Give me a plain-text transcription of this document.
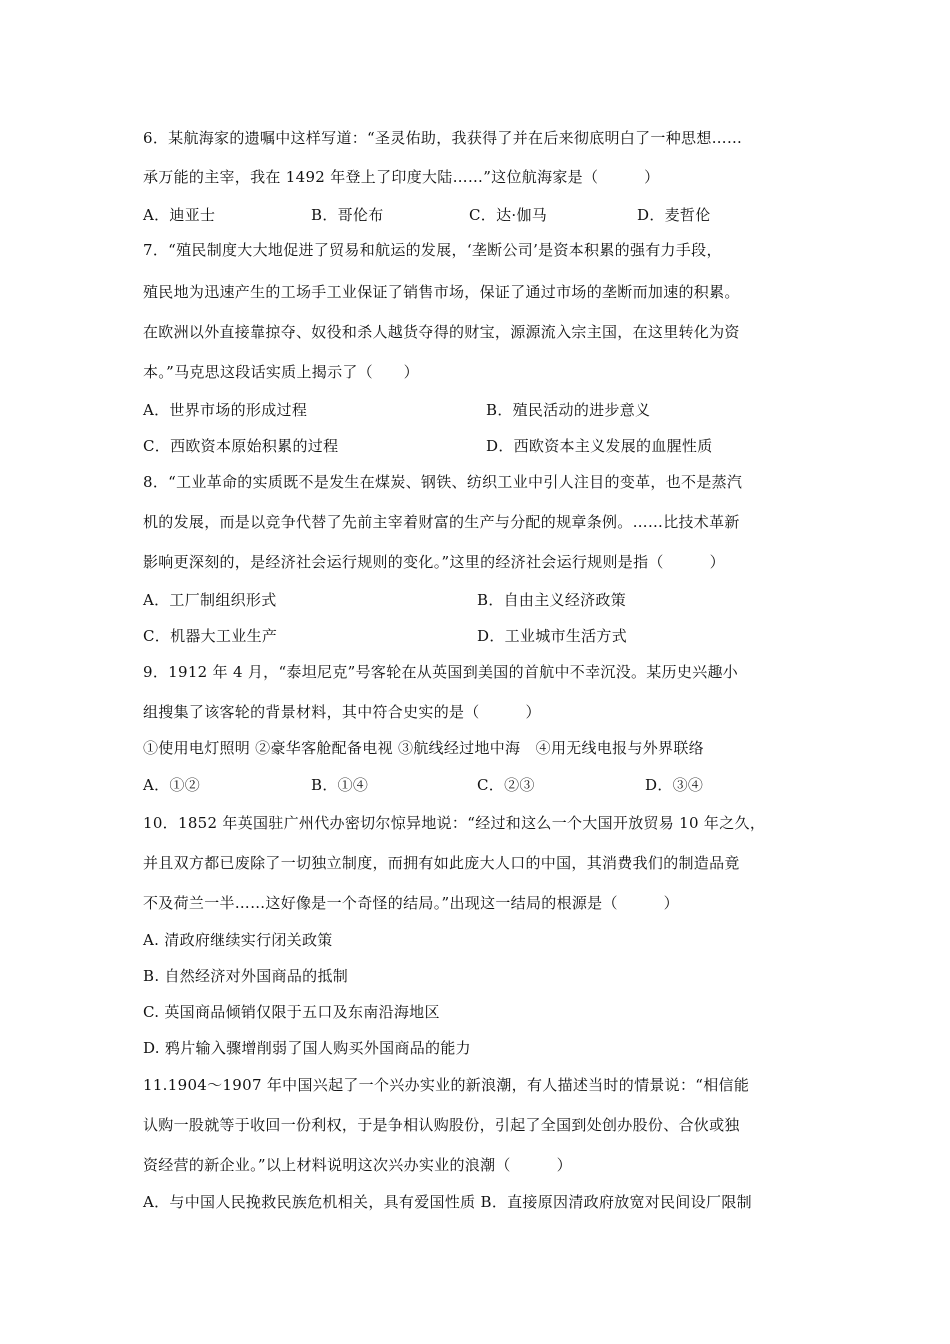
6．某航海家的遗嘱中这样写道：“圣灵佑助，我获得了并在后来彻底明白了一种思想……
承万能的主宰，我在 1492 年登上了印度大陆……”这位航海家是（　　　）
A．迪亚士	B．哥伦布	C．达·伽马	D．麦哲伦
7．“殖民制度大大地促进了贸易和航运的发展，‘垄断公司’是资本积累的强有力手段，
殖民地为迅速产生的工场手工业保证了销售市场，保证了通过市场的垄断而加速的积累。
在欧洲以外直接靠掠夺、奴役和杀人越货夺得的财宝，源源流入宗主国，在这里转化为资
本。”马克思这段话实质上揭示了（　　）
A．世界市场的形成过程	B．殖民活动的进步意义
C．西欧资本原始积累的过程	D．西欧资本主义发展的血腥性质
8．“工业革命的实质既不是发生在煤炭、钢铁、纺织工业中引人注目的变革，也不是蒸汽
机的发展，而是以竞争代替了先前主宰着财富的生产与分配的规章条例。……比技术革新
影响更深刻的，是经济社会运行规则的变化。”这里的经济社会运行规则是指（　　　）
A．工厂制组织形式	B．自由主义经济政策
C．机器大工业生产	D．工业城市生活方式
9．1912 年 4 月，“泰坦尼克”号客轮在从英国到美国的首航中不幸沉没。某历史兴趣小
组搜集了该客轮的背景材料，其中符合史实的是（　　　）
①使用电灯照明 ②豪华客舱配备电视 ③航线经过地中海　④用无线电报与外界联络
A．①②	B．①④	C．②③	D．③④
10．1852 年英国驻广州代办密切尔惊异地说：“经过和这么一个大国开放贸易 10 年之久，
并且双方都已废除了一切独立制度，而拥有如此庞大人口的中国，其消费我们的制造品竟
不及荷兰一半……这好像是一个奇怪的结局。”出现这一结局的根源是（　　　）
A. 清政府继续实行闭关政策
B. 自然经济对外国商品的抵制
C. 英国商品倾销仅限于五口及东南沿海地区
D. 鸦片输入骤增削弱了国人购买外国商品的能力
11.1904～1907 年中国兴起了一个兴办实业的新浪潮，有人描述当时的情景说：“相信能
认购一股就等于收回一份利权，于是争相认购股份，引起了全国到处创办股份、合伙或独
资经营的新企业。”以上材料说明这次兴办实业的浪潮（　　　）
A．与中国人民挽救民族危机相关，具有爱国性质 B．直接原因清政府放宽对民间设厂限制
